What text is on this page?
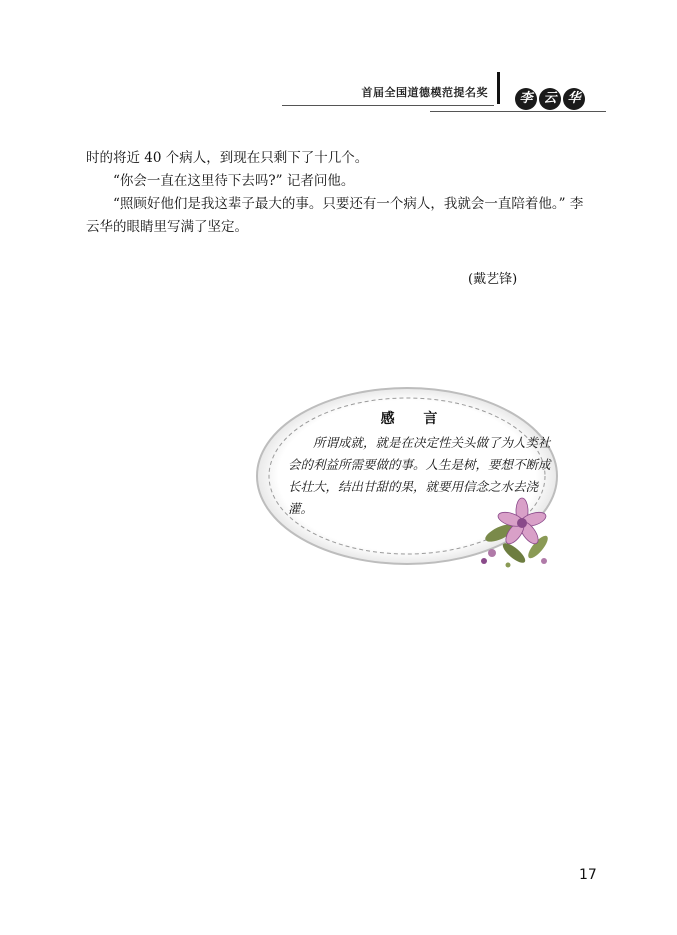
首届全国道德模范提名奖	李 云 华

时的将近 40 个病人，到现在只剩下了十几个。

“你会一直在这里待下去吗?” 记者问他。

“照顾好他们是我这辈子最大的事。只要还有一个病人，我就会一直陪着他。” 李云华的眼睛里写满了坚定。

(戴艺锋)
感 言

所谓成就，就是在决定性关头做了为人类社会的利益所需要做的事。人生是树，要想不断成长壮大，结出甘甜的果，就要用信念之水去浇灌。

17
